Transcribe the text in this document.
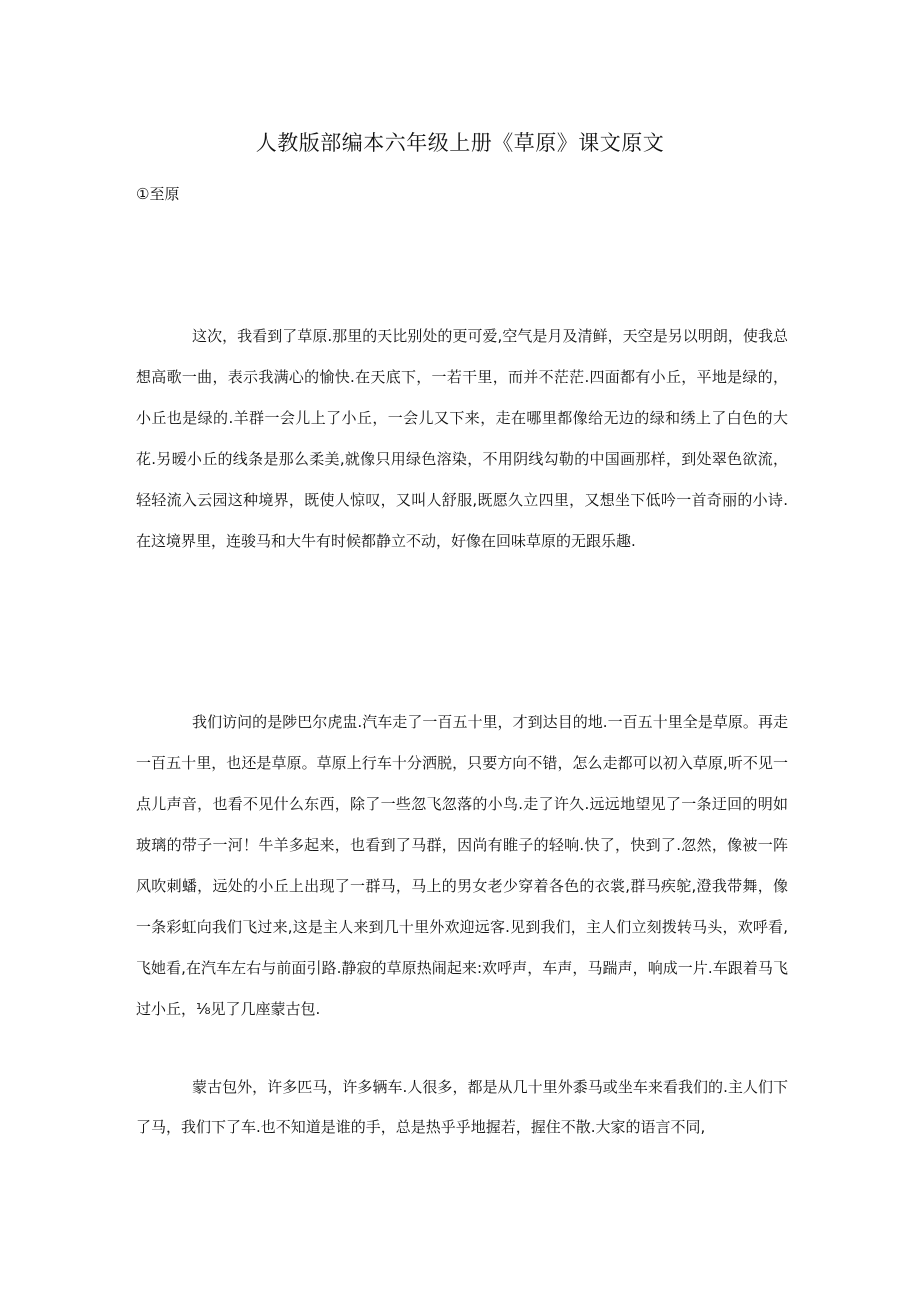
人教版部编本六年级上册《草原》课文原文
①至原

这次，我看到了草原.那里的天比别处的更可爱,空气是月及清鲜，天空是另以明朗，使我总想高歌一曲，表示我满心的愉快.在天底下，一若干里，而并不茫茫.四面都有小丘，平地是绿的，小丘也是绿的.羊群一会儿上了小丘，一会儿又下来，走在哪里都像给无边的绿和绣上了白色的大花.另暧小丘的线条是那么柔美,就像只用绿色溶染，不用阴线勾勒的中国画那样，到处翠色欲流，轻轻流入云园这种境界，既使人惊叹，又叫人舒服,既愿久立四里，又想坐下低吟一首奇丽的小诗.在这境界里，连骏马和大牛有时候都静立不动，好像在回味草原的无跟乐趣.

我们访问的是陟巴尔虎盅.汽车走了一百五十里，才到达目的地.一百五十里全是草原。再走一百五十里，也还是草原。草原上行车十分洒脱，只要方向不错，怎么走都可以初入草原,听不见一点儿声音，也看不见什么东西，除了一些忽飞忽落的小鸟.走了许久.远远地望见了一条迂回的明如玻璃的带子一河！牛羊多起来，也看到了马群，因尚有睢子的轻响.快了，快到了.忽然，像被一阵风吹刺蟠，远处的小丘上出现了一群马，马上的男女老少穿着各色的衣裳,群马疾鸵,澄我带舞，像一条彩虹向我们飞过来,这是主人来到几十里外欢迎远客.见到我们，主人们立刻拨转马头，欢呼看,飞她看,在汽车左右与前面引路.静寂的草原热闹起来:欢呼声，车声，马踹声，响成一片.车跟着马飞过小丘，⅛见了几座蒙古包.

蒙古包外，许多匹马，许多辆车.人很多，都是从几十里外黍马或坐车来看我们的.主人们下了马，我们下了车.也不知道是谁的手，总是热乎乎地握若，握住不散.大家的语言不同,
